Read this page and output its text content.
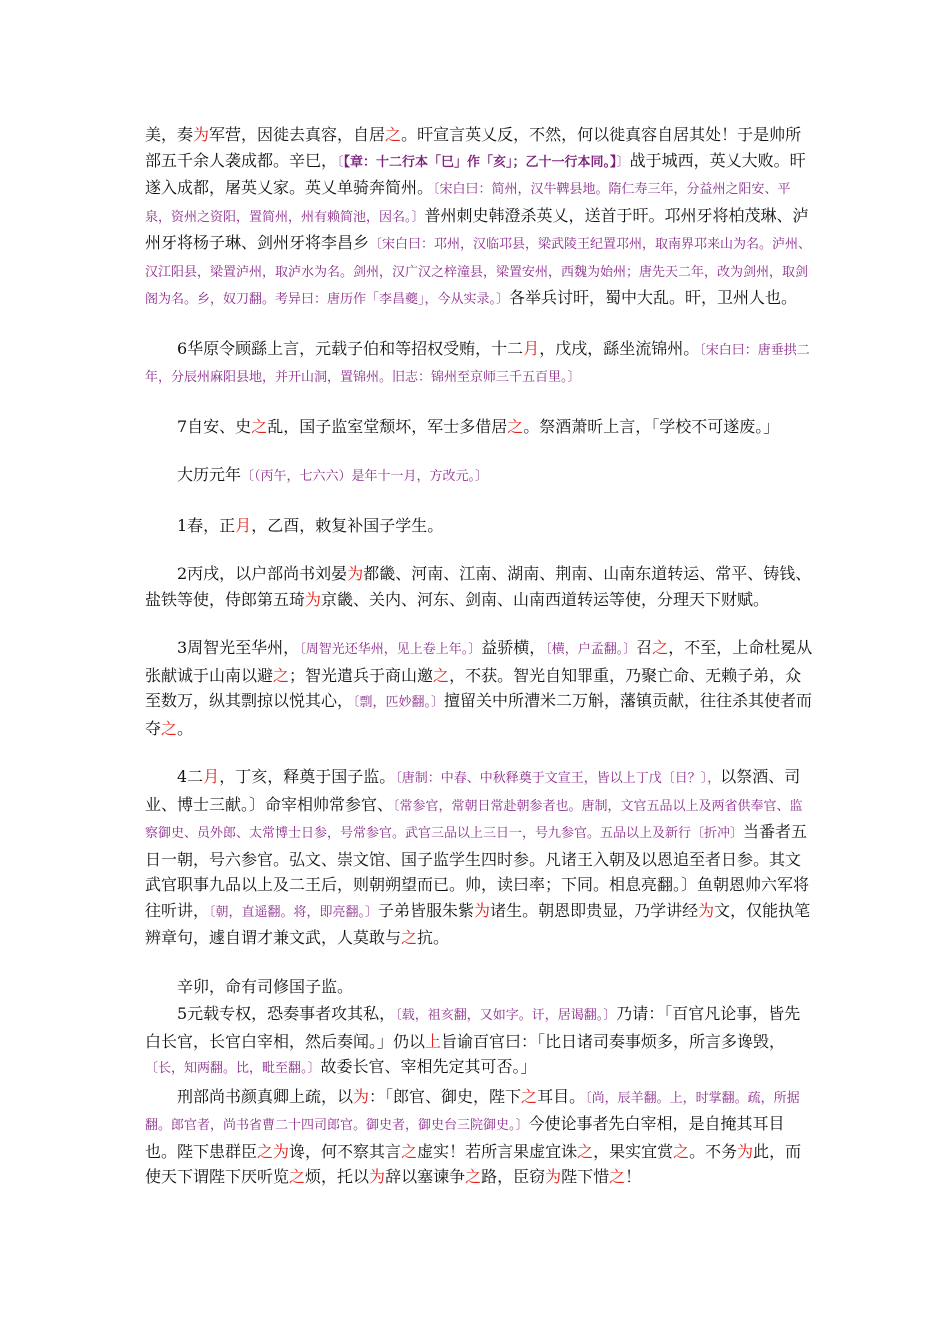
美，奏为军营，因徙去真容，自居之。旰宣言英乂反，不然，何以徙真容自居其处！于是帅所部五千余人袭成都。辛巳，〔【章：十二行本「巳」作「亥」；乙十一行本同。】〕战于城西，英乂大败。旰遂入成都，屠英乂家。英乂单骑奔简州。〔宋白曰：简州，汉牛鞞县地。隋仁寿三年，分益州之阳安、平泉，资州之资阳，置简州，州有赖简池，因名。〕普州刺史韩澄杀英乂，送首于旰。邛州牙将柏茂琳、泸州牙将杨子琳、剑州牙将李昌乡〔宋白曰：邛州，汉临邛县，梁武陵王纪置邛州，取南界邛来山为名。泸州、汉江阳县，梁置泸州，取泸水为名。剑州，汉广汉之梓潼县，梁置安州，西魏为始州；唐先天二年，改为剑州，取剑阁为名。乡，奴刀翻。考异曰：唐历作「李昌夔」，今从实录。〕各举兵讨旰，蜀中大乱。旰，卫州人也。

6华原令顾繇上言，元载子伯和等招权受贿，十二月，戊戌，繇坐流锦州。〔宋白曰：唐垂拱二年，分辰州麻阳县地，并开山洞，置锦州。旧志：锦州至京师三千五百里。〕

7自安、史之乱，国子监室堂颓坏，军士多借居之。祭酒萧昕上言，「学校不可遂废。」

大历元年〔（丙午，七六六）是年十一月，方改元。〕

1春，正月，乙酉，敕复补国子学生。

2丙戌，以户部尚书刘晏为都畿、河南、江南、湖南、荆南、山南东道转运、常平、铸钱、盐铁等使，侍郎第五琦为京畿、关内、河东、剑南、山南西道转运等使，分理天下财赋。

3周智光至华州，〔周智光还华州，见上卷上年。〕益骄横，〔横，户孟翻。〕召之，不至，上命杜冕从张献诚于山南以避之；智光遣兵于商山邀之，不获。智光自知罪重，乃聚亡命、无赖子弟，众至数万，纵其剽掠以悦其心，〔剽，匹妙翻。〕擅留关中所漕米二万斛，藩镇贡献，往往杀其使者而夺之。

4二月，丁亥，释奠于国子监。〔唐制：中春、中秋释奠于文宣王，皆以上丁戊〔日？〕，以祭酒、司业、博士三献。〕命宰相帅常参官、〔常参官，常朝日常赴朝参者也。唐制，文官五品以上及两省供奉官、监察御史、员外郎、太常博士日参，号常参官。武官三品以上三日一，号九参官。五品以上及新行〔折冲〕当番者五日一朝，号六参官。弘文、崇文馆、国子监学生四时参。凡诸王入朝及以恩追至者日参。其文武官职事九品以上及二王后，则朝朔望而已。帅，读曰率；下同。相息亮翻。〕鱼朝恩帅六军将往听讲，〔朝，直遥翻。将，即亮翻。〕子弟皆服朱紫为诸生。朝恩即贵显，乃学讲经为文，仅能执笔辨章句，遽自谓才兼文武，人莫敢与之抗。

辛卯，命有司修国子监。

5元载专权，恐奏事者攻其私，〔载，祖亥翻，又如字。讦，居谒翻。〕乃请：「百官凡论事，皆先白长官，长官白宰相，然后奏闻。」仍以上旨谕百官曰：「比日诸司奏事烦多，所言多谗毁，〔长，知两翻。比，毗至翻。〕故委长官、宰相先定其可否。」

刑部尚书颜真卿上疏，以为：「郎官、御史，陛下之耳目。〔尚，辰羊翻。上，时掌翻。疏，所据翻。郎官者，尚书省曹二十四司郎官。御史者，御史台三院御史。〕今使论事者先白宰相，是自掩其耳目也。陛下患群臣之为谗，何不察其言之虚实！若所言果虚宜诛之，果实宜赏之。不务为此，而使天下谓陛下厌听览之烦，托以为辞以塞谏争之路，臣窃为陛下惜之！
